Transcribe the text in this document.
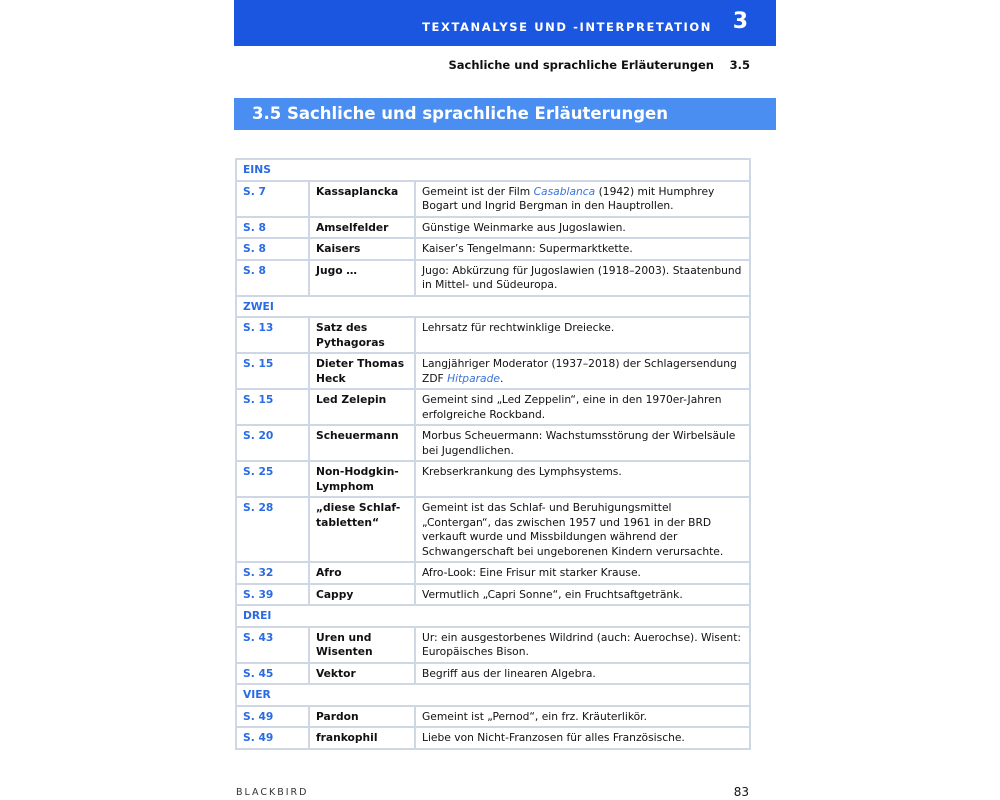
TEXTANALYSE UND -INTERPRETATION 3
Sachliche und sprachliche Erläuterungen 3.5
3.5 Sachliche und sprachliche Erläuterungen
EINS		
S. 7	Kassaplancka	Gemeint ist der Film Casablanca (1942) mit Humphrey Bogart und Ingrid Bergman in den Hauptrollen.
S. 8	Amselfelder	Günstige Weinmarke aus Jugoslawien.
S. 8	Kaisers	Kaiser’s Tengelmann: Supermarktkette.
S. 8	Jugo …	Jugo: Abkürzung für Jugoslawien (1918–2003). Staatenbund in Mittel- und Südeuropa.
ZWEI		
S. 13	Satz des Pythagoras	Lehrsatz für rechtwinklige Dreiecke.
S. 15	Dieter Thomas Heck	Langjähriger Moderator (1937–2018) der Schlagersendung ZDF Hitparade.
S. 15	Led Zelepin	Gemeint sind „Led Zeppelin“, eine in den 1970er-Jahren erfolgreiche Rockband.
S. 20	Scheuermann	Morbus Scheuermann: Wachstumsstörung der Wirbelsäule bei Jugendlichen.
S. 25	Non-Hodgkin-Lymphom	Krebserkrankung des Lymphsystems.
S. 28	„diese Schlaf-tabletten“	Gemeint ist das Schlaf- und Beruhigungsmittel „Contergan“, das zwischen 1957 und 1961 in der BRD verkauft wurde und Missbildungen während der Schwangerschaft bei ungeborenen Kindern verursachte.
S. 32	Afro	Afro-Look: Eine Frisur mit starker Krause.
S. 39	Cappy	Vermutlich „Capri Sonne“, ein Fruchtsaftgetränk.
DREI		
S. 43	Uren und Wisenten	Ur: ein ausgestorbenes Wildrind (auch: Auerochse). Wisent: Europäisches Bison.
S. 45	Vektor	Begriff aus der linearen Algebra.
VIER		
S. 49	Pardon	Gemeint ist „Pernod“, ein frz. Kräuterlikör.
S. 49	frankophil	Liebe von Nicht-Franzosen für alles Französische.
BLACKBIRD	83
